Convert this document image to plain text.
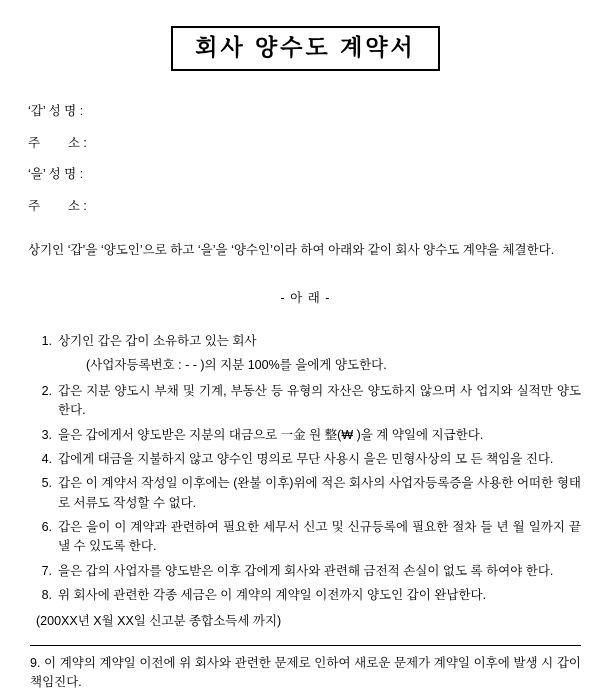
회사 양수도 계약서
‘갑’ 성 명 :
주        소 :
‘을’ 성 명 :
주        소 :
상기인 ‘갑’을 ‘양도인’으로 하고 ‘을’을 ‘양수인’이라 하여 아래와 같이 회사 양수도 계약을 체결한다.
- 아 래 -
1. 상기인 갑은 갑이 소유하고 있는 회사
(사업자등록번호 : - - )의 지분 100%를 을에게 양도한다.
2. 갑은 지분 양도시 부채 및 기계, 부동산 등 유형의 자산은 양도하지 않으며 사 업지와 실적만 양도한다.
3. 을은 갑에게서 양도받은 지분의 대금으로 一金 원 整(₩ )을 계 약일에 지급한다.
4. 갑에게 대금을 지불하지 않고 양수인 명의로 무단 사용시 을은 민형사상의 모 든 책임을 진다.
5. 갑은 이 계약서 작성일 이후에는 (완불 이후)위에 적은 회사의 사업자등록증을 사용한 어떠한 형태로 서류도 작성할 수 없다.
6. 갑은 을이 이 계약과 관련하여 필요한 세무서 신고 및 신규등록에 필요한 절차 들 년 월 일까지 끝낼 수 있도록 한다.
7. 을은 갑의 사업자를 양도받은 이후 갑에게 회사와 관련해 금전적 손실이 없도 록 하여야 한다.
8. 위 회사에 관련한 각종 세금은 이 계약의 계약일 이전까지 양도인 갑이 완납한다.
(200XX년 X월 XX일 신고분 종합소득세 까지)
9. 이 계약의 계약일 이전에 위 회사와 관련한 문제로 인하여 새로운 문제가 계약일 이후에 발생 시 갑이 책임진다.
